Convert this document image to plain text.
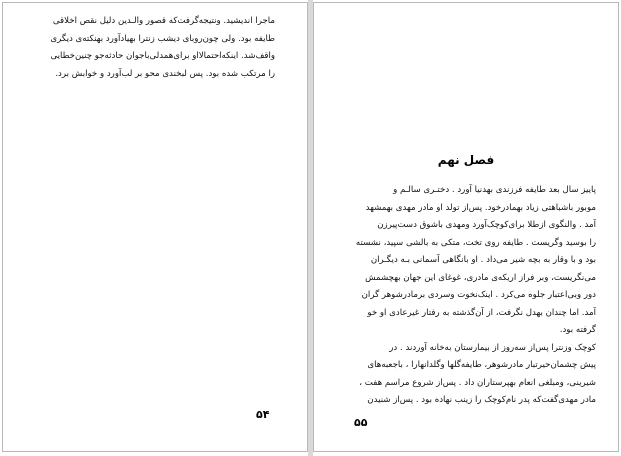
ماجرا اندیشید. ونتیجه‌گرفت‌که قصور والـدین دلیل نقص اخلاقی
طایفه بود. ولی چون‌روبای دیشب زنترا بهیادآورد بهنکته‌ی دیگری
واقف‌شد. اینکه‌احتمالا‌او برای‌همدلی‌باجوان حادثه‌جو چنین‌خطایی
را مرتکب شده بود. پس لبخندی محو بر لب‌آورد و خوابش برد.
۵۴
فصل نهم
پاییز سال بعد طایفه فرزندی بهدنیا آورد . دختـری سالـم و
موبور باشباهتی زیاد بهمادرخود. پس‌از تولد او مادر مهدی بهمشهد
آمد . والنگوی ازطلا برای‌کوچک‌آورد ومهدی باشوق دست‌پیرزن
را بوسید وگریست . طایفه روی تخت، متکی به بالشی سپید، نشسته
بود و با وقار به بچه شیر می‌داد . او بانگاهی آسمانی بـه دیگـران
می‌نگریست، وبر فراز اریکه‌ی مادری، غوغای این جهان بهچشمش
دور وبی‌اعتبار جلوه می‌کرد . اینک‌نخوت وسردی برمادرشوهر گران
آمد. اما چندان بهدل نگرفت، از آن‌گذشته به رفتار غیرعادی او خو
گرفته بود.
کوچک وزنترا پس‌از سه‌روز از بیمارستان به‌خانه آوردند . در
پیش چشمان‌حیرتبار مادرشوهر، طایفه‌گلها وگلدانهارا ، باجعبه‌های
شیرینی، ومبلغی انعام بهپرستاران داد . پس‌از شروع مراسم هفت ،
مادر مهدی‌گفت‌که پدر نام‌کوچک را زینب نهاده بود . پس‌از شنیدن
۵۵
